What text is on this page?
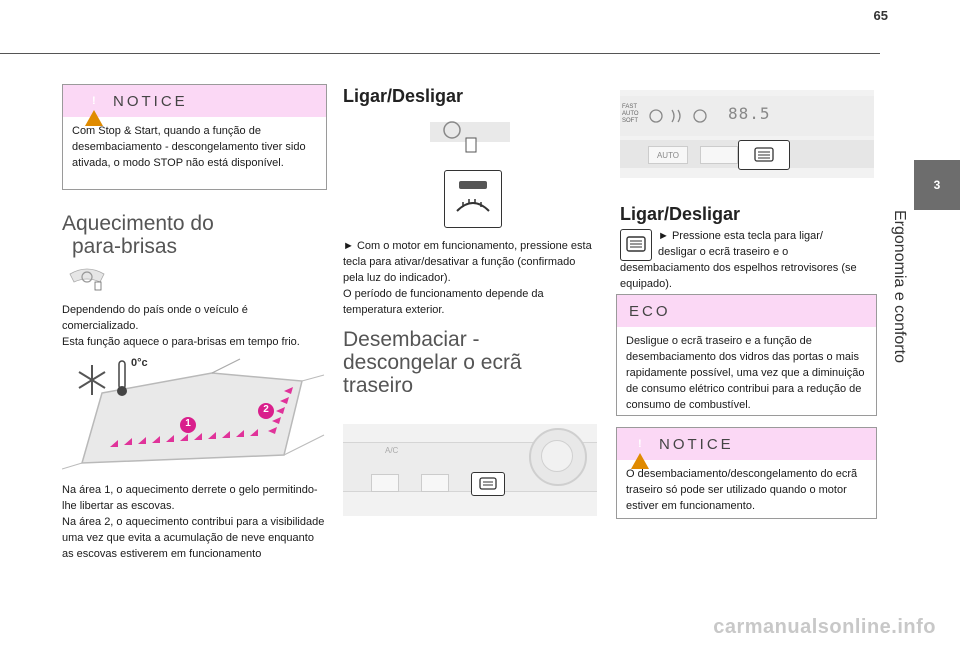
65
3
Ergonomia e conforto
!
NOTICE
Com Stop & Start, quando a função de desembaciamento - descongelamento tiver sido ativada, o modo STOP não está disponível.
Aquecimento do
para-brisas
Dependendo do país onde o veículo é comercializado.
Esta função aquece o para-brisas em tempo frio.
0°c
1
2
Na área 1, o aquecimento derrete o gelo permitindo-lhe libertar as escovas.
Na área 2, o aquecimento contribui para a visibilidade uma vez que evita a acumulação de neve enquanto as escovas estiverem em funcionamento
Ligar/Desligar
► Com o motor em funcionamento, pressione esta tecla para ativar/desativar a função (confirmado pela luz do indicador).
O período de funcionamento depende da temperatura exterior.
Desembaciar -
descongelar o ecrã
traseiro
A/C
FAST AUTO SOFT	88.5
AUTO
Ligar/Desligar
► Pressione esta tecla para ligar/
desligar o ecrã traseiro e o
desembaciamento dos espelhos retrovisores (se equipado).
ECO
Desligue o ecrã traseiro e a função de desembaciamento dos vidros das portas o mais rapidamente possível, uma vez que a diminuição de consumo elétrico contribui para a redução de consumo de combustível.
!
NOTICE
O desembaciamento/descongelamento do ecrã traseiro só pode ser utilizado quando o motor estiver em funcionamento.
carmanualsonline.info
